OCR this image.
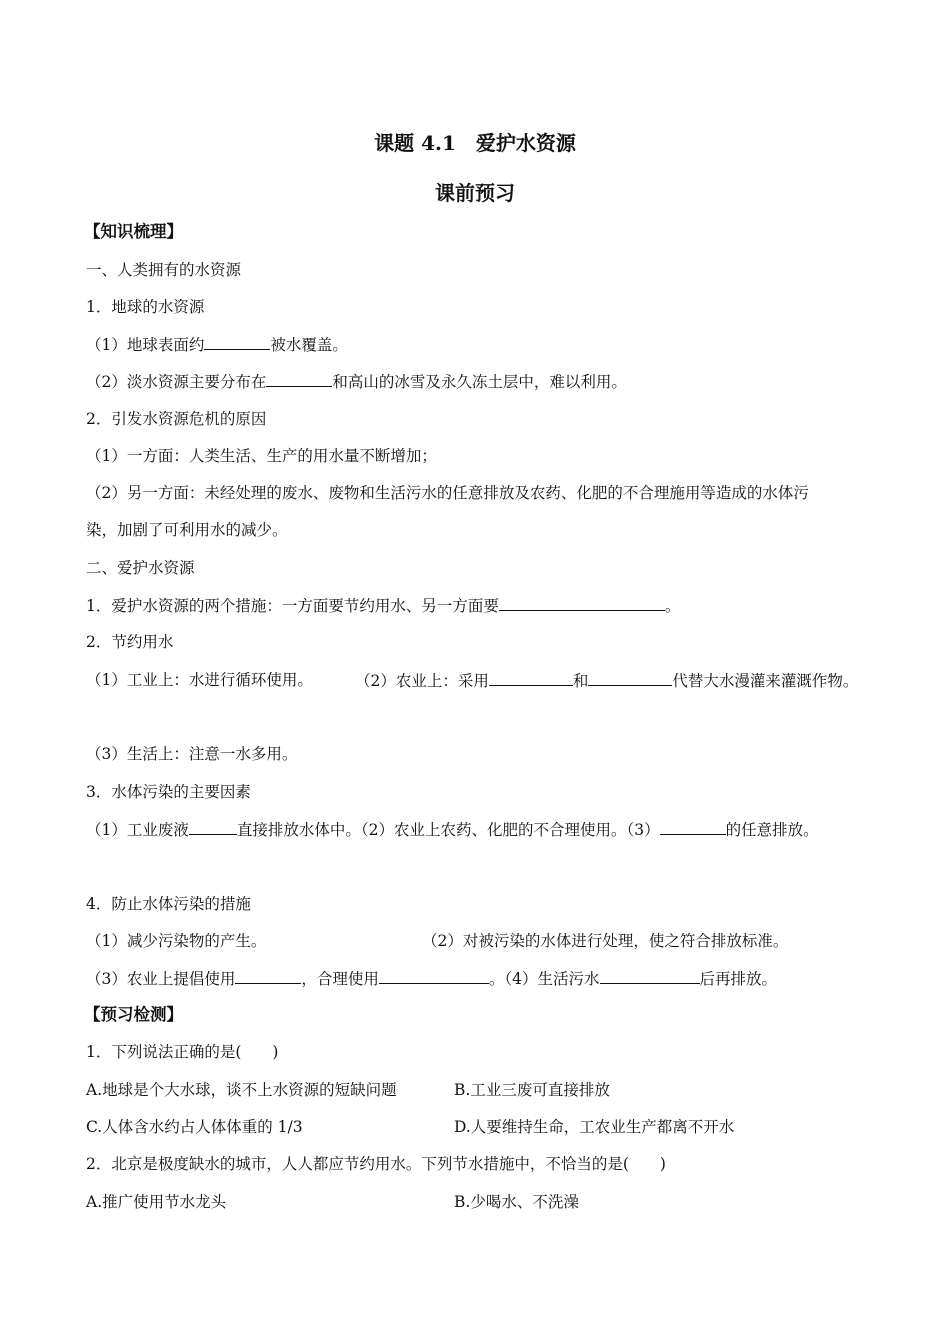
课题 4.1　爱护水资源
课前预习
【知识梳理】
一、人类拥有的水资源
1．地球的水资源
（1）地球表面约	被水覆盖。
（2）淡水资源主要分布在	和高山的冰雪及永久冻土层中，难以利用。
2．引发水资源危机的原因
（1）一方面：人类生活、生产的用水量不断增加；
（2）另一方面：未经处理的废水、废物和生活污水的任意排放及农药、化肥的不合理施用等造成的水体污
染，加剧了可利用水的减少。
二、爱护水资源
1．爱护水资源的两个措施：一方面要节约用水、另一方面要	。
2．节约用水
（1）工业上：水进行循环使用。	（2）农业上：采用	和	代替大水漫灌来灌溉作物。
（3）生活上：注意一水多用。
3．水体污染的主要因素
（1）工业废液	直接排放水体中。（2）农业上农药、化肥的不合理使用。（3）	的任意排放。
4．防止水体污染的措施
（1）减少污染物的产生。	（2）对被污染的水体进行处理，使之符合排放标准。
（3）农业上提倡使用	，合理使用	。（4）生活污水	后再排放。
【预习检测】
1．下列说法正确的是(　　)
A.地球是个大水球，谈不上水资源的短缺问题	B.工业三废可直接排放
C.人体含水约占人体体重的 1/3	D.人要维持生命，工农业生产都离不开水
2．北京是极度缺水的城市，人人都应节约用水。下列节水措施中，不恰当的是(　　)
A.推广使用节水龙头	B.少喝水、不洗澡
